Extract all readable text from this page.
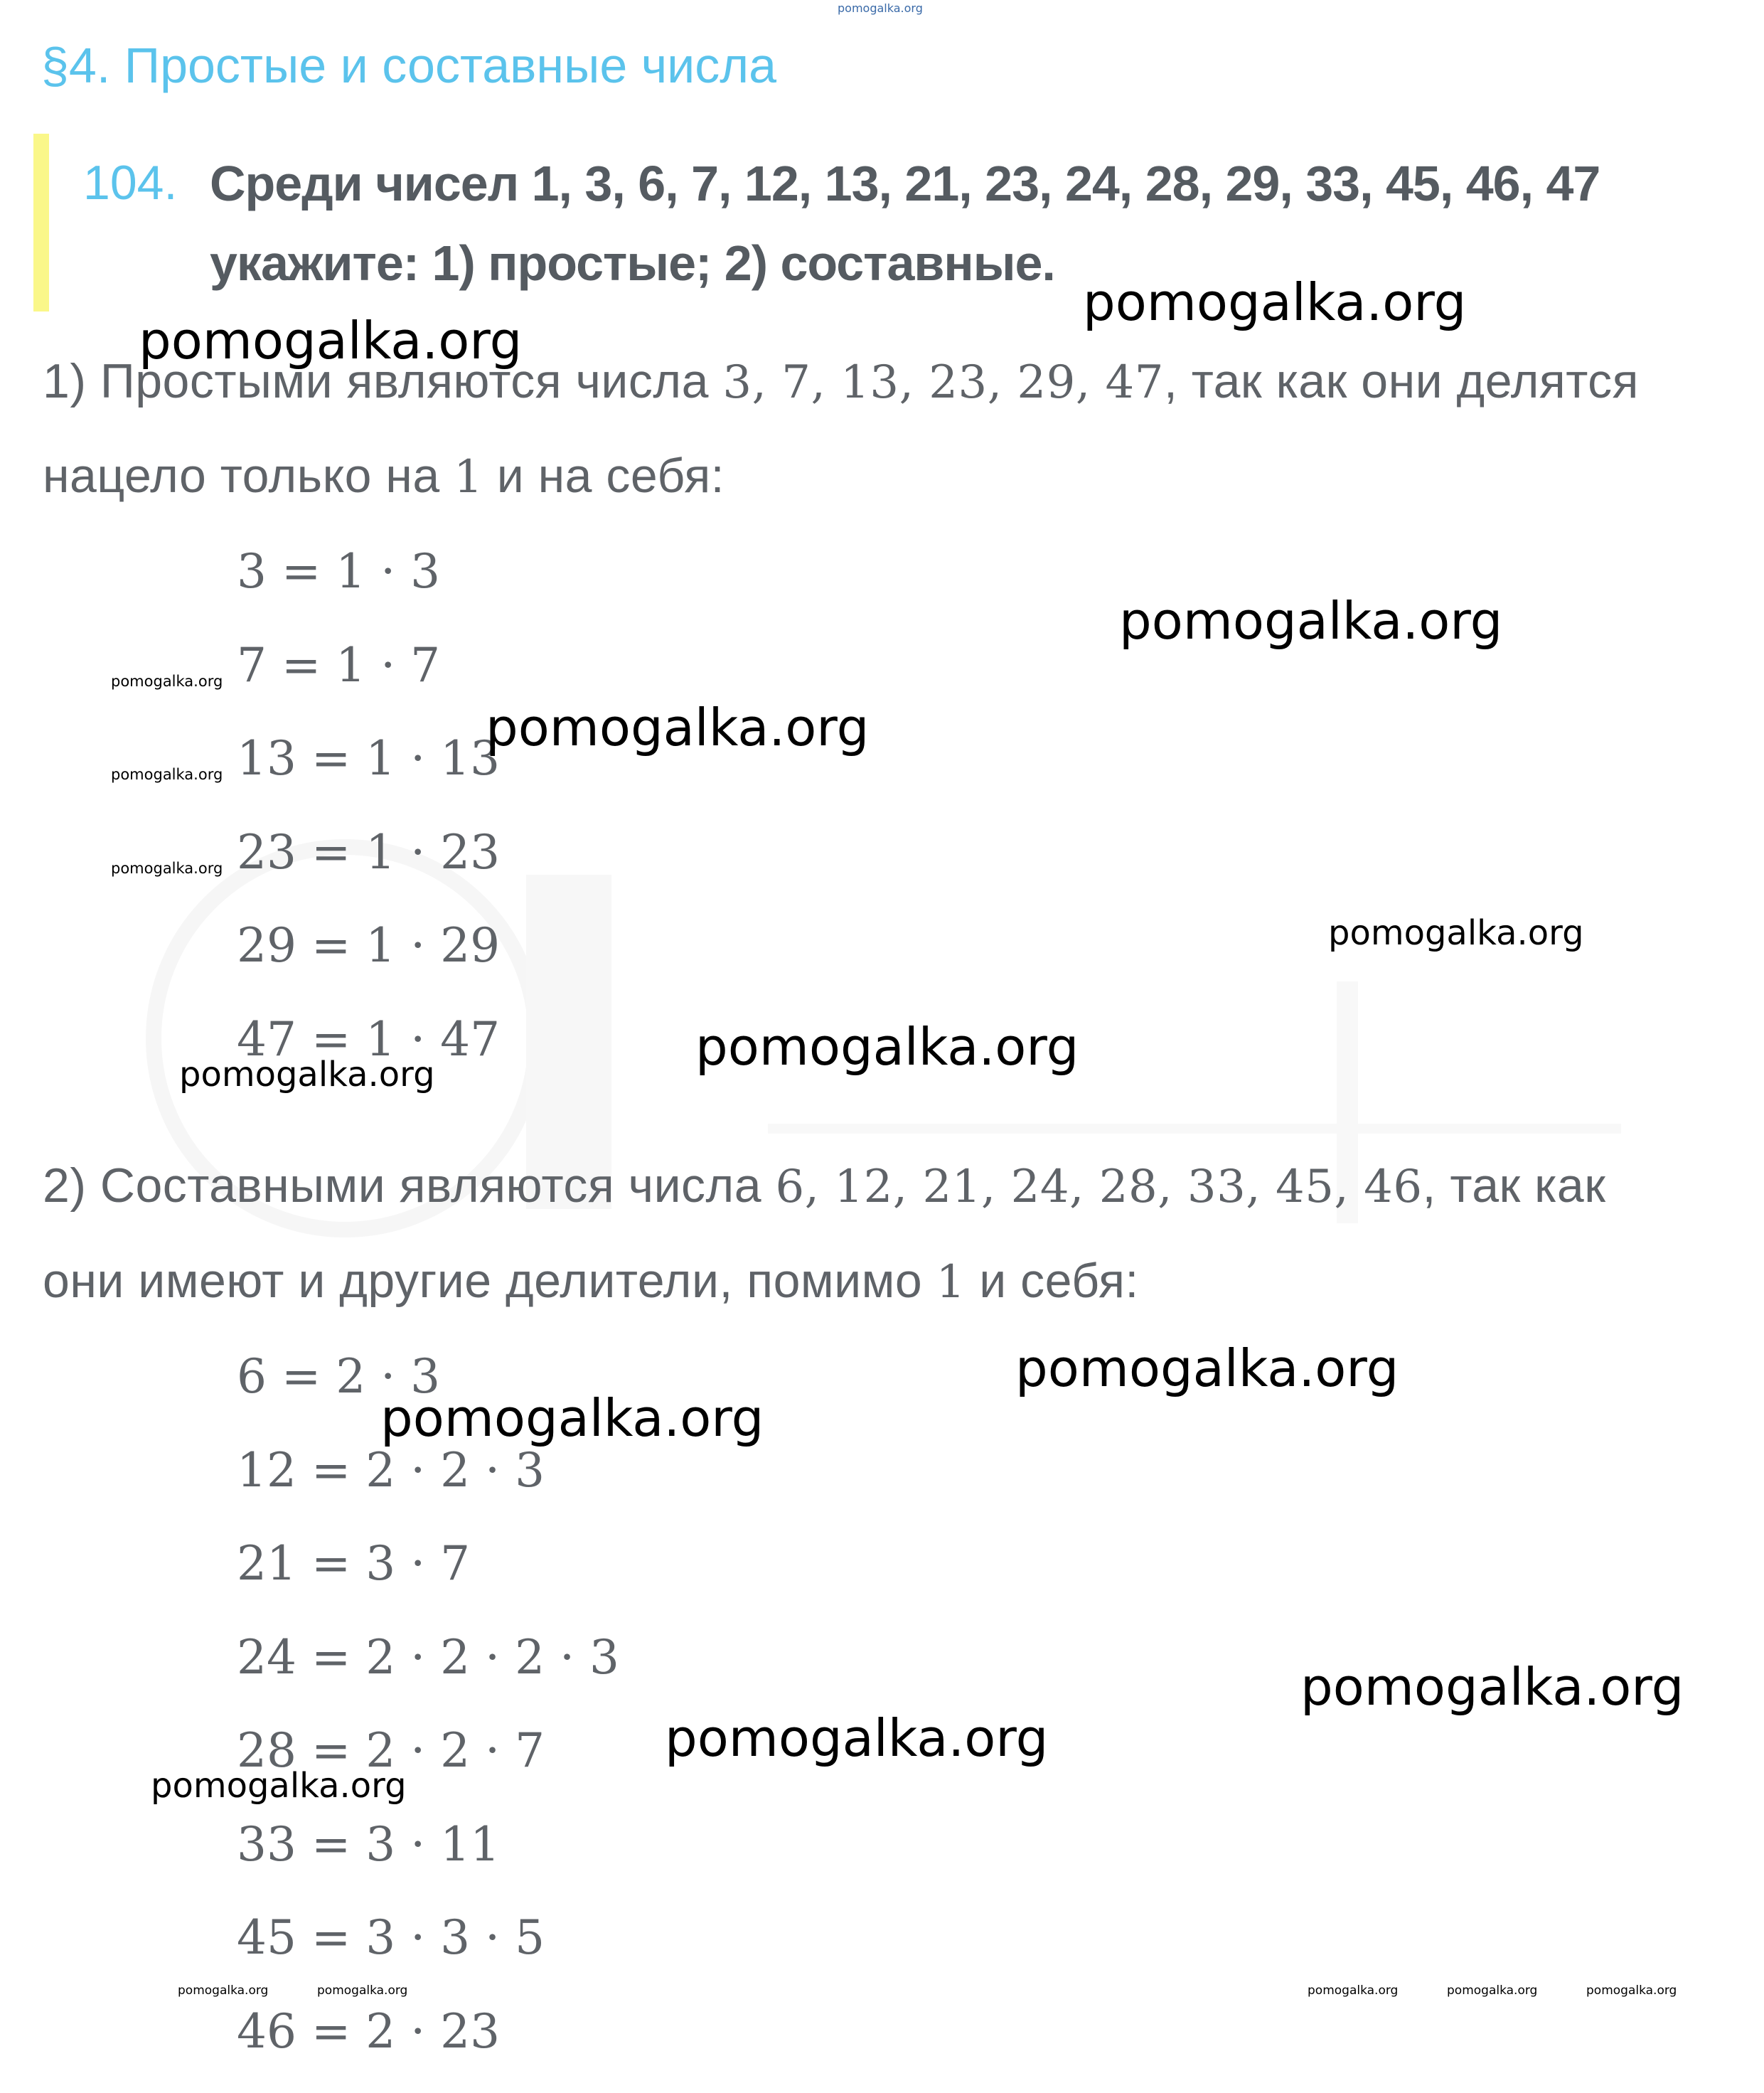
pomogalka.org
§4. Простые и составные числа
104. Среди чисел 1, 3, 6, 7, 12, 13, 21, 23, 24, 28, 29, 33, 45, 46, 47
укажите: 1) простые; 2) составные.
1) Простыми являются числа 3, 7, 13, 23, 29, 47, так как они делятся
нацело только на 1 и на себя:
3 = 1 · 3
7 = 1 · 7
13 = 1 · 13
23 = 1 · 23
29 = 1 · 29
47 = 1 · 47
2) Составными являются числа 6, 12, 21, 24, 28, 33, 45, 46, так как
они имеют и другие делители, помимо 1 и себя:
6 = 2 · 3
12 = 2 · 2 · 3
21 = 3 · 7
24 = 2 · 2 · 2 · 3
28 = 2 · 2 · 7
33 = 3 · 11
45 = 3 · 3 · 5
46 = 2 · 23
pomogalka.org
pomogalka.org
pomogalka.org
pomogalka.org
pomogalka.org
pomogalka.org
pomogalka.org
pomogalka.org
pomogalka.org
pomogalka.org
pomogalka.org
pomogalka.org
pomogalka.org
pomogalka.org
pomogalka.org
pomogalka.org	pomogalka.org	pomogalka.org	pomogalka.org	pomogalka.org
